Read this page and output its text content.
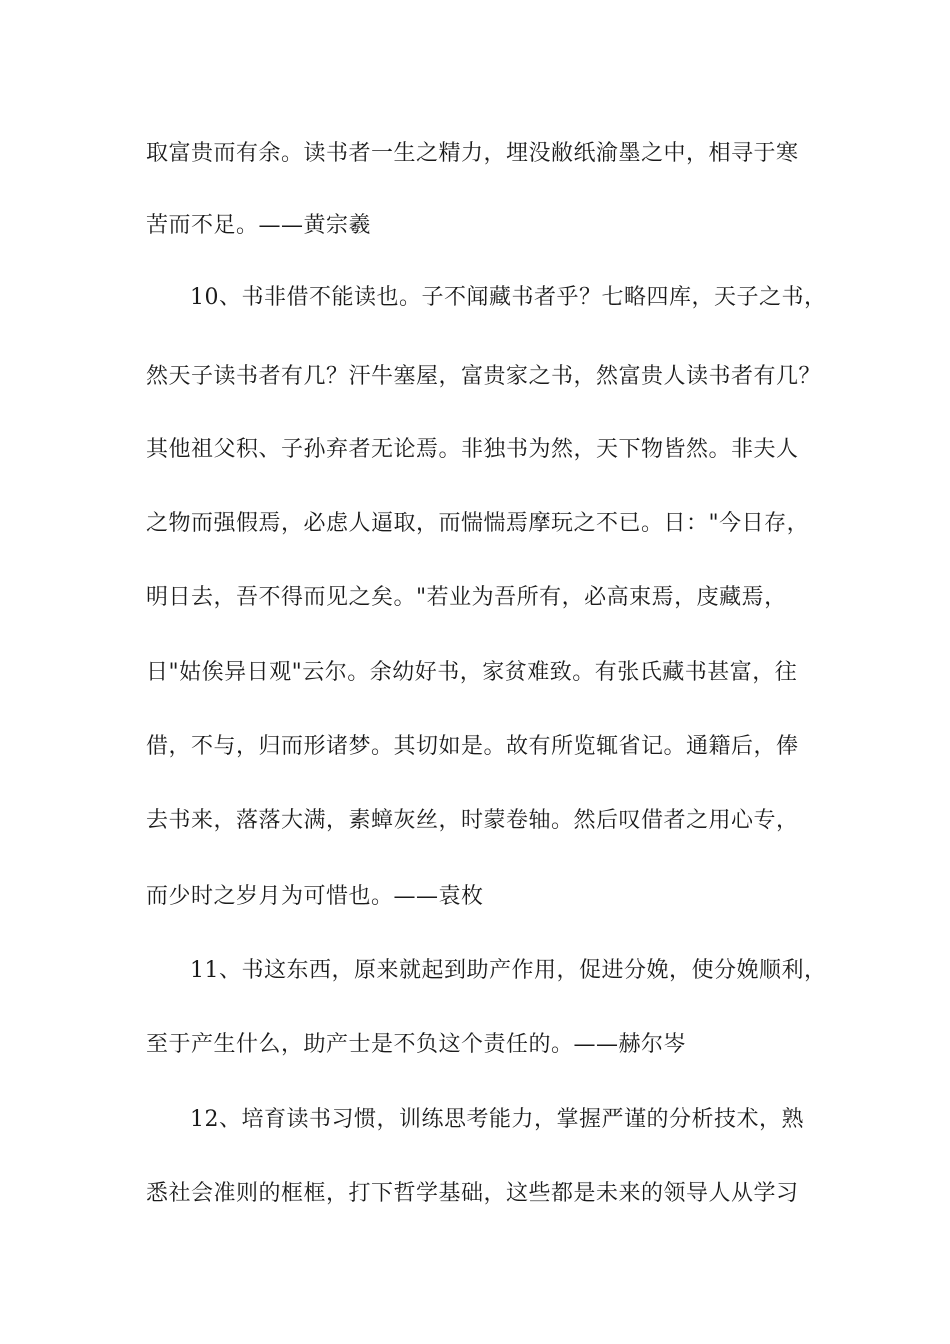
取富贵而有余。读书者一生之精力，埋没敝纸渝墨之中，相寻于寒
苦而不足。——黄宗羲
10、书非借不能读也。子不闻藏书者乎？七略四库，天子之书，
然天子读书者有几？汗牛塞屋，富贵家之书，然富贵人读书者有几？
其他祖父积、子孙弃者无论焉。非独书为然，天下物皆然。非夫人
之物而强假焉，必虑人逼取，而惴惴焉摩玩之不已。日："今日存，
明日去，吾不得而见之矣。"若业为吾所有，必高束焉，庋藏焉，
日"姑俟异日观"云尔。余幼好书，家贫难致。有张氏藏书甚富，往
借，不与，归而形诸梦。其切如是。故有所览辄省记。通籍后，俸
去书来，落落大满，素蟑灰丝，时蒙卷轴。然后叹借者之用心专，
而少时之岁月为可惜也。——袁枚
11、书这东西，原来就起到助产作用，促进分娩，使分娩顺利，
至于产生什么，助产士是不负这个责任的。——赫尔岑
12、培育读书习惯，训练思考能力，掌握严谨的分析技术，熟
悉社会准则的框框，打下哲学基础，这些都是未来的领导人从学习
